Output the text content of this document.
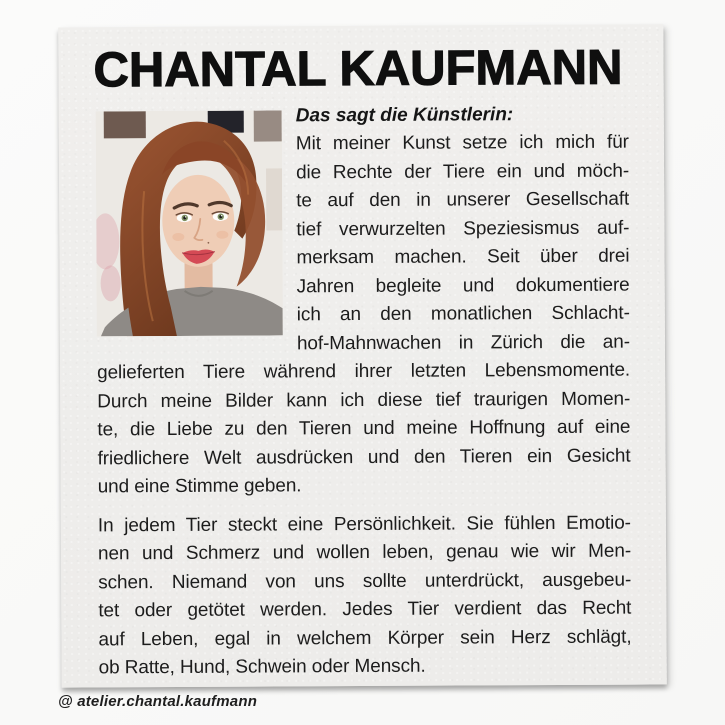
CHANTAL KAUFMANN
Das sagt die Künstlerin:
Mit meiner Kunst setze ich mich für
die Rechte der Tiere ein und möch-
te auf den in unserer Gesellschaft
tief verwurzelten Speziesismus auf-
merksam machen. Seit über drei
Jahren begleite und dokumentiere
ich an den monatlichen Schlacht-
hof-Mahnwachen in Zürich die an-
gelieferten Tiere während ihrer letzten Lebensmomente.
Durch meine Bilder kann ich diese tief traurigen Momen-
te, die Liebe zu den Tieren und meine Hoffnung auf eine
friedlichere Welt ausdrücken und den Tieren ein Gesicht
und eine Stimme geben.
In jedem Tier steckt eine Persönlichkeit. Sie fühlen Emotio-
nen und Schmerz und wollen leben, genau wie wir Men-
schen. Niemand von uns sollte unterdrückt, ausgebeu-
tet oder getötet werden. Jedes Tier verdient das Recht
auf Leben, egal in welchem Körper sein Herz schlägt,
ob Ratte, Hund, Schwein oder Mensch.
@ atelier.chantal.kaufmann
